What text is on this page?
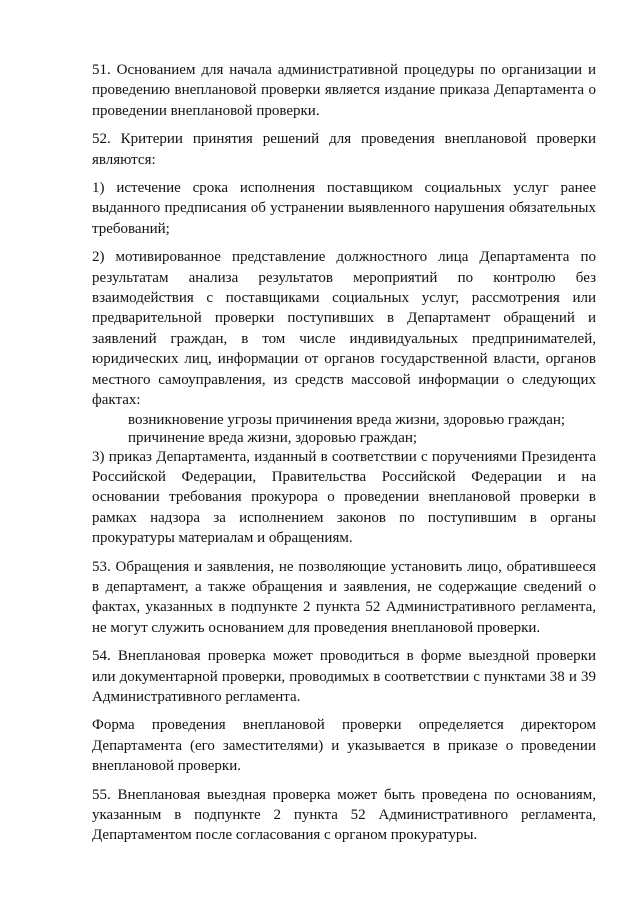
51. Основанием для начала административной процедуры по организации и проведению внеплановой проверки является издание приказа Департамента о проведении внеплановой проверки.

52. Критерии принятия решений для проведения внеплановой проверки являются:

1) истечение срока исполнения поставщиком социальных услуг ранее выданного предписания об устранении выявленного нарушения обязательных требований;

2) мотивированное представление должностного лица Департамента по результатам анализа результатов мероприятий по контролю без взаимодействия с поставщиками социальных услуг, рассмотрения или предварительной проверки поступивших в Департамент обращений и заявлений граждан, в том числе индивидуальных предпринимателей, юридических лиц, информации от органов государственной власти, органов местного самоуправления, из средств массовой информации о следующих фактах:

возникновение угрозы причинения вреда жизни, здоровью граждан;
причинение вреда жизни, здоровью граждан;

3) приказ Департамента, изданный в соответствии с поручениями Президента Российской Федерации, Правительства Российской Федерации и на основании требования прокурора о проведении внеплановой проверки в рамках надзора за исполнением законов по поступившим в органы прокуратуры материалам и обращениям.

53. Обращения и заявления, не позволяющие установить лицо, обратившееся в департамент, а также обращения и заявления, не содержащие сведений о фактах, указанных в подпункте 2 пункта 52 Административного регламента, не могут служить основанием для проведения внеплановой проверки.

54. Внеплановая проверка может проводиться в форме выездной проверки или документарной проверки, проводимых в соответствии с пунктами 38 и 39 Административного регламента.

Форма проведения внеплановой проверки определяется директором Департамента (его заместителями) и указывается в приказе о проведении внеплановой проверки.

55. Внеплановая выездная проверка может быть проведена по основаниям, указанным в подпункте 2 пункта 52 Административного регламента, Департаментом после согласования с органом прокуратуры.
